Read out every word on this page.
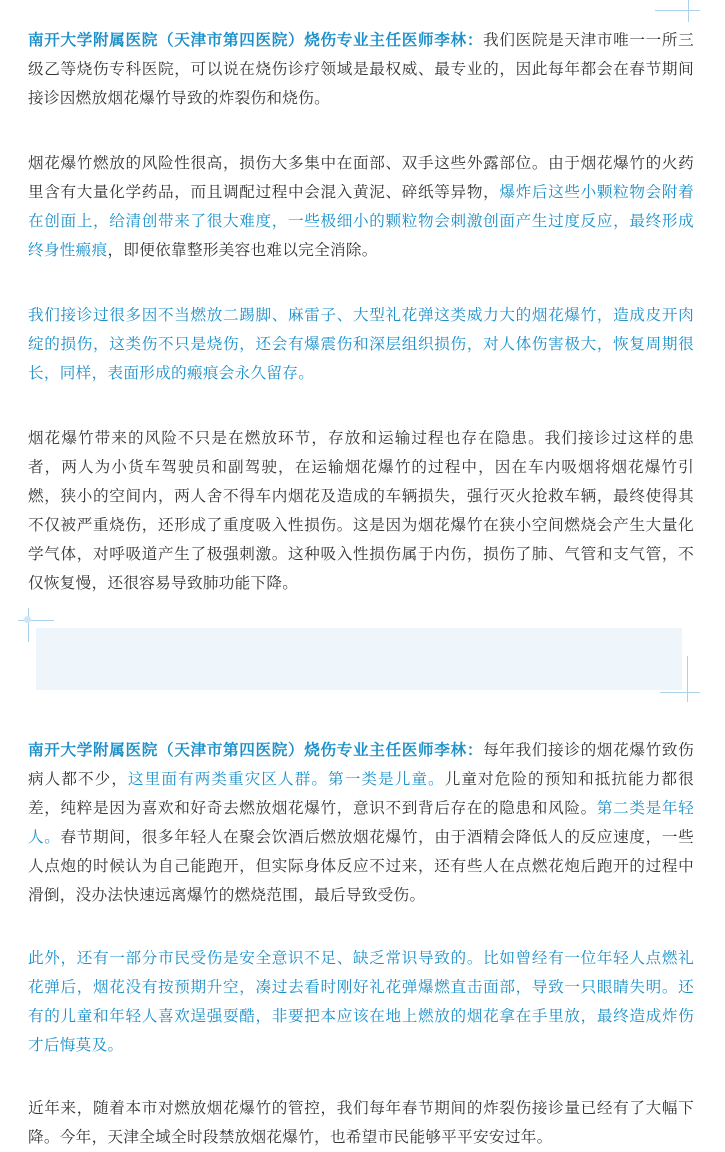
南开大学附属医院（天津市第四医院）烧伤专业主任医师李林：我们医院是天津市唯一一所三级乙等烧伤专科医院，可以说在烧伤诊疗领域是最权威、最专业的，因此每年都会在春节期间接诊因燃放烟花爆竹导致的炸裂伤和烧伤。

烟花爆竹燃放的风险性很高，损伤大多集中在面部、双手这些外露部位。由于烟花爆竹的火药里含有大量化学药品，而且调配过程中会混入黄泥、碎纸等异物，爆炸后这些小颗粒物会附着在创面上，给清创带来了很大难度，一些极细小的颗粒物会刺激创面产生过度反应，最终形成终身性瘢痕，即便依靠整形美容也难以完全消除。

我们接诊过很多因不当燃放二踢脚、麻雷子、大型礼花弹这类威力大的烟花爆竹，造成皮开肉绽的损伤，这类伤不只是烧伤，还会有爆震伤和深层组织损伤，对人体伤害极大，恢复周期很长，同样，表面形成的瘢痕会永久留存。

烟花爆竹带来的风险不只是在燃放环节，存放和运输过程也存在隐患。我们接诊过这样的患者，两人为小货车驾驶员和副驾驶，在运输烟花爆竹的过程中，因在车内吸烟将烟花爆竹引燃，狭小的空间内，两人舍不得车内烟花及造成的车辆损失，强行灭火抢救车辆，最终使得其不仅被严重烧伤，还形成了重度吸入性损伤。这是因为烟花爆竹在狭小空间燃烧会产生大量化学气体，对呼吸道产生了极强刺激。这种吸入性损伤属于内伤，损伤了肺、气管和支气管，不仅恢复慢，还很容易导致肺功能下降。

南开大学附属医院（天津市第四医院）烧伤专业主任医师李林：每年我们接诊的烟花爆竹致伤病人都不少，这里面有两类重灾区人群。第一类是儿童。儿童对危险的预知和抵抗能力都很差，纯粹是因为喜欢和好奇去燃放烟花爆竹，意识不到背后存在的隐患和风险。第二类是年轻人。春节期间，很多年轻人在聚会饮酒后燃放烟花爆竹，由于酒精会降低人的反应速度，一些人点炮的时候认为自己能跑开，但实际身体反应不过来，还有些人在点燃花炮后跑开的过程中滑倒，没办法快速远离爆竹的燃烧范围，最后导致受伤。

此外，还有一部分市民受伤是安全意识不足、缺乏常识导致的。比如曾经有一位年轻人点燃礼花弹后，烟花没有按预期升空，凑过去看时刚好礼花弹爆燃直击面部，导致一只眼睛失明。还有的儿童和年轻人喜欢逞强耍酷，非要把本应该在地上燃放的烟花拿在手里放，最终造成炸伤才后悔莫及。

近年来，随着本市对燃放烟花爆竹的管控，我们每年春节期间的炸裂伤接诊量已经有了大幅下降。今年，天津全域全时段禁放烟花爆竹，也希望市民能够平平安安过年。
